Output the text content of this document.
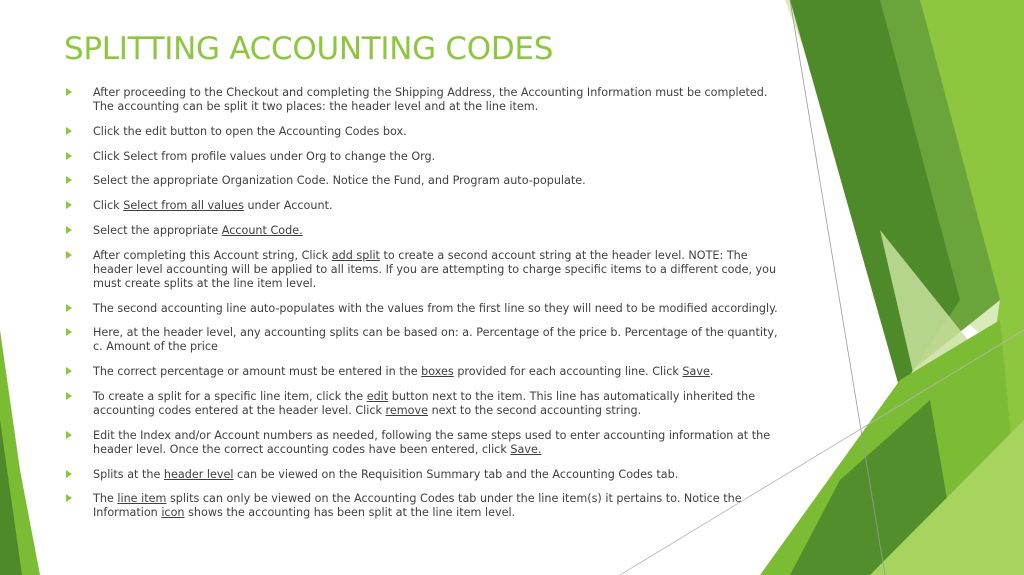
SPLITTING ACCOUNTING CODES
After proceeding to the Checkout and completing the Shipping Address, the Accounting Information must be completed. The accounting can be split it two places: the header level and at the line item.
Click the edit button to open the Accounting Codes box.
Click Select from profile values under Org to change the Org.
Select the appropriate Organization Code. Notice the Fund, and Program auto-populate.
Click Select from all values under Account.
Select the appropriate Account Code.
After completing this Account string, Click add split to create a second account string at the header level. NOTE: The header level accounting will be applied to all items. If you are attempting to charge specific items to a different code, you must create splits at the line item level.
The second accounting line auto-populates with the values from the first line so they will need to be modified accordingly.
Here, at the header level, any accounting splits can be based on: a. Percentage of the price b. Percentage of the quantity, c. Amount of the price
The correct percentage or amount must be entered in the boxes provided for each accounting line. Click Save.
To create a split for a specific line item, click the edit button next to the item. This line has automatically inherited the accounting codes entered at the header level. Click remove next to the second accounting string.
Edit the Index and/or Account numbers as needed, following the same steps used to enter accounting information at the header level. Once the correct accounting codes have been entered, click Save.
Splits at the header level can be viewed on the Requisition Summary tab and the Accounting Codes tab.
The line item splits can only be viewed on the Accounting Codes tab under the line item(s) it pertains to. Notice the Information icon shows the accounting has been split at the line item level.
